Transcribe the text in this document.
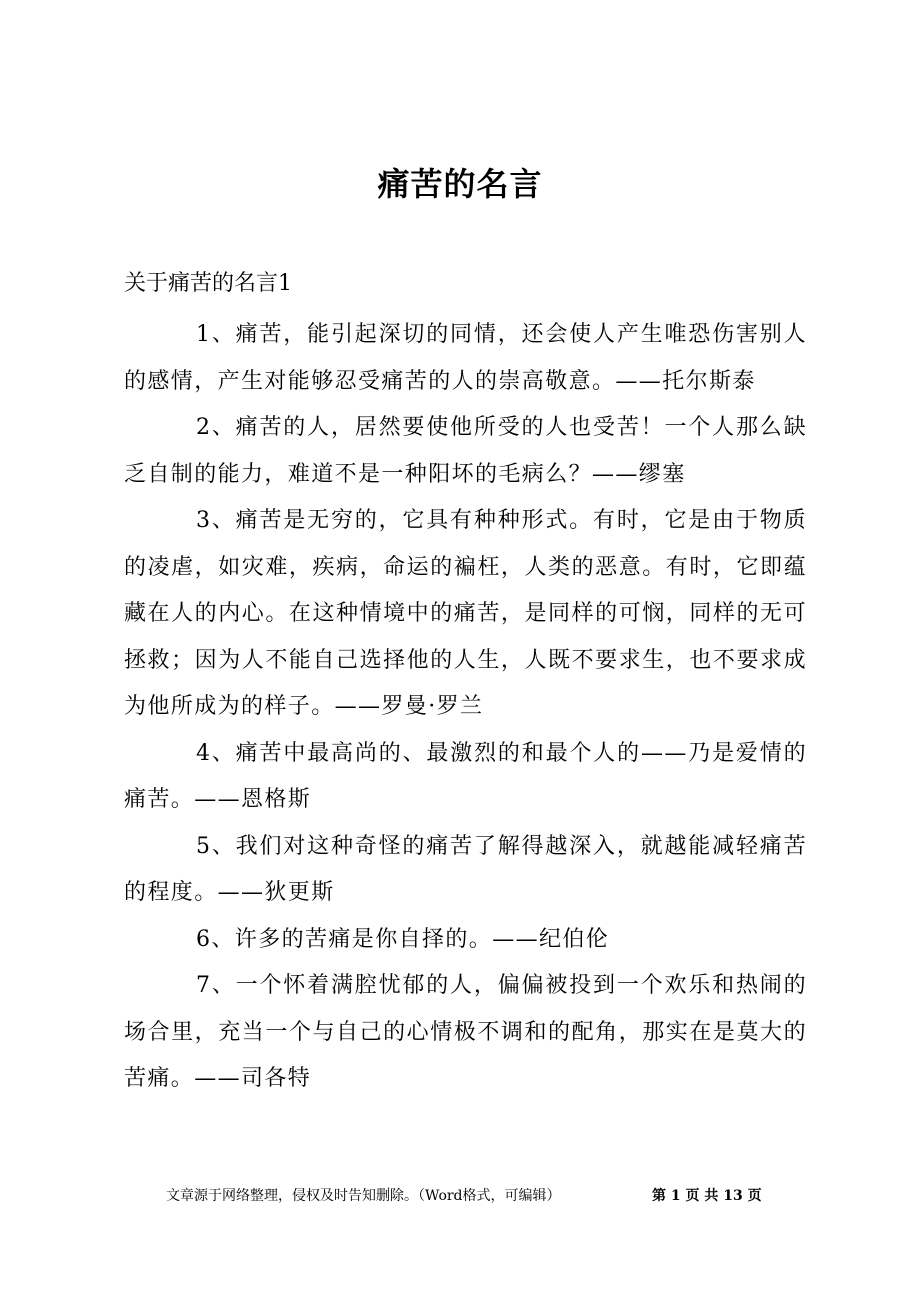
痛苦的名言
关于痛苦的名言1

1、痛苦，能引起深切的同情，还会使人产生唯恐伤害别人的感情，产生对能够忍受痛苦的人的崇高敬意。——托尔斯泰

2、痛苦的人，居然要使他所受的人也受苦！一个人那么缺乏自制的能力，难道不是一种阳坏的毛病么？——缪塞

3、痛苦是无穷的，它具有种种形式。有时，它是由于物质的凌虐，如灾难，疾病，命运的褊枉，人类的恶意。有时，它即蕴藏在人的内心。在这种情境中的痛苦，是同样的可悯，同样的无可拯救；因为人不能自己选择他的人生，人既不要求生，也不要求成为他所成为的样子。——罗曼·罗兰

4、痛苦中最高尚的、最激烈的和最个人的——乃是爱情的痛苦。——恩格斯

5、我们对这种奇怪的痛苦了解得越深入，就越能减轻痛苦的程度。——狄更斯

6、许多的苦痛是你自择的。——纪伯伦

7、一个怀着满腔忧郁的人，偏偏被投到一个欢乐和热闹的场合里，充当一个与自己的心情极不调和的配角，那实在是莫大的苦痛。——司各特

文章源于网络整理，侵权及时告知删除。（Word格式，可编辑）	第 1 页 共 13 页
